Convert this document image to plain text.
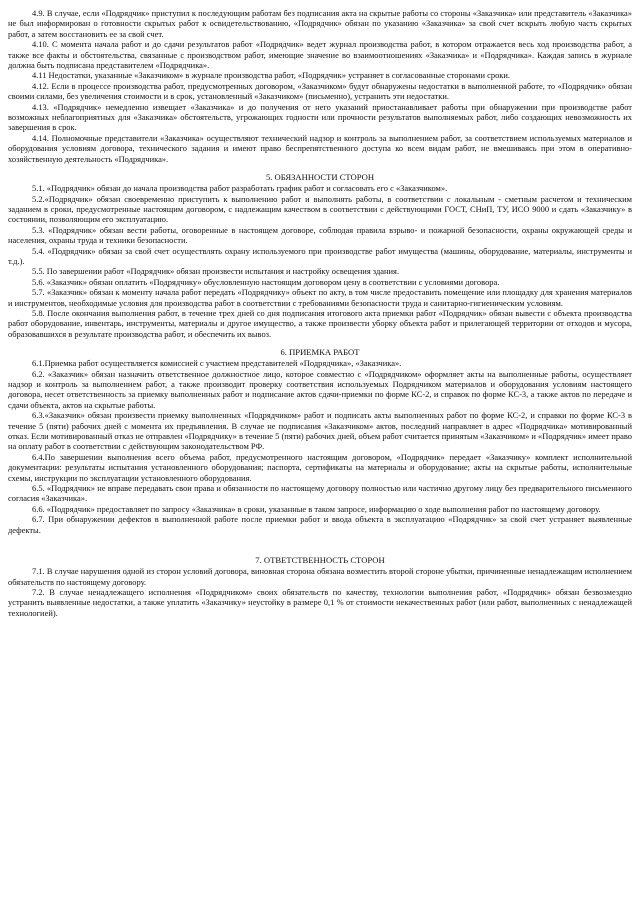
4.9. В случае, если «Подрядчик» приступил к последующим работам без подписания акта на скрытые работы со стороны «Заказчика» или представитель «Заказчика» не был информирован о готовности скрытых работ к освидетельствованию, «Подрядчик» обязан по указанию «Заказчика» за свой счет вскрыть любую часть скрытых работ, а затем восстановить ее за свой счет.

4.10. С момента начала работ и до сдачи результатов работ «Подрядчик» ведет журнал производства работ, в котором отражается весь ход производства работ, а также все факты и обстоятельства, связанные с производством работ, имеющие значение во взаимоотношениях «Заказчика» и «Подрядчика». Каждая запись в журнале должна быть подписана представителем «Подрядчика».

4.11 Недостатки, указанные «Заказчиком» в журнале производства работ, «Подрядчик» устраняет в согласованные сторонами сроки.

4.12. Если в процессе производства работ, предусмотренных договором, «Заказчиком» будут обнаружены недостатки в выполненной работе, то «Подрядчик» обязан своими силами, без увеличения стоимости и в срок, установленный «Заказчиком» (письменно), устранить эти недостатки.

4.13. «Подрядчик» немедленно извещает «Заказчика» и до получения от него указаний приостанавливает работы при обнаружении при производстве работ возможных неблагоприятных для «Заказчика» обстоятельств, угрожающих годности или прочности результатов выполняемых работ, либо создающих невозможность их завершения в срок.

4.14. Полномочные представители «Заказчика» осуществляют технический надзор и контроль за выполнением работ, за соответствием используемых материалов и оборудования условиям договора, технического задания и имеют право беспрепятственного доступа ко всем видам работ, не вмешиваясь при этом в оперативно-хозяйственную деятельность «Подрядчика».

5. ОБЯЗАННОСТИ СТОРОН

5.1. «Подрядчик» обязан до начала производства работ разработать график работ и согласовать его с «Заказчиком».

5.2.«Подрядчик» обязан своевременно приступить к выполнению работ и выполнять работы, в соответствии с локальным - сметным расчетом и техническим заданием в сроки, предусмотренные настоящим договором, с надлежащим качеством в соответствии с действующими ГОСТ, СНиП, ТУ, ИСО 9000 и сдать «Заказчику» в состоянии, позволяющим его эксплуатацию.

5.3. «Подрядчик» обязан вести работы, оговоренные в настоящем договоре, соблюдая правила взрыво- и пожарной безопасности, охраны окружающей среды и населения, охраны труда и техники безопасности.

5.4. «Подрядчик» обязан за свой счет осуществлять охрану используемого при производстве работ имущества (машины, оборудование, материалы, инструменты и т.д.).

5.5. По завершении работ «Подрядчик» обязан произвести испытания и настройку освещения здания.

5.6. «Заказчик» обязан оплатить «Подрядчику» обусловленную настоящим договором цену в соответствии с условиями договора.

5.7. «Заказчик» обязан к моменту начала работ передать «Подрядчику» объект по акту, в том числе предоставить помещение или площадку для хранения материалов и инструментов, необходимые условия для производства работ в соответствии с требованиями безопасности труда и санитарно-гигиеническим условиям.

5.8. После окончания выполнения работ, в течение трех дней со дня подписания итогового акта приемки работ «Подрядчик» обязан вывести с объекта производства работ оборудование, инвентарь, инструменты, материалы и другое имущество, а также произвести уборку объекта работ и прилегающей территории от отходов и мусора, образовавшихся в результате производства работ, и обеспечить их вывоз.

6. ПРИЕМКА РАБОТ

6.1.Приемка работ осуществляется комиссией с участием представителей «Подрядчика», «Заказчика».

6.2. «Заказчик» обязан назначить ответственное должностное лицо, которое совместно с «Подрядчиком» оформляет акты на выполненные работы, осуществляет надзор и контроль за выполнением работ, а также производит проверку соответствия используемых Подрядчиком материалов и оборудования условиям настоящего договора, несет ответственность за приемку выполненных работ и подписание актов сдачи-приемки по форме КС-2, и справок по форме КС-3, а также актов по передаче и сдачи объекта, актов на скрытые работы.

6.3.«Заказчик» обязан произвести приемку выполненных «Подрядчиком» работ и подписать акты выполненных работ по форме КС-2, и справки по форме КС-3 в течение 5 (пяти) рабочих дней с момента их предъявления. В случае не подписания «Заказчиком» актов, последний направляет в адрес «Подрядчика» мотивированный отказ. Если мотивированный отказ не отправлен «Подрядчику» в течение 5 (пяти) рабочих дней, объем работ считается принятым «Заказчиком» и «Подрядчик» имеет право на оплату работ в соответствии с действующим законодательством РФ.

6.4.По завершении выполнения всего объема работ, предусмотренного настоящим договором, «Подрядчик» передает «Заказчику» комплект исполнительной документации: результаты испытания установленного оборудования; паспорта, сертификаты на материалы и оборудование; акты на скрытые работы, исполнительные схемы, инструкции по эксплуатации установленного оборудования.

6.5. «Подрядчик» не вправе передавать свои права и обязанности по настоящему договору полностью или частично другому лицу без предварительного письменного согласия «Заказчика».

6.6. «Подрядчик» предоставляет по запросу «Заказчика» в сроки, указанные в таком запросе, информацию о ходе выполнения работ по настоящему договору.

6.7. При обнаружении дефектов в выполненной работе после приемки работ и ввода объекта в эксплуатацию «Подрядчик» за свой счет устраняет выявленные дефекты.

7. ОТВЕТСТВЕННОСТЬ СТОРОН

7.1. В случае нарушения одной из сторон условий договора, виновная сторона обязана возместить второй стороне убытки, причиненные ненадлежащим исполнением обязательств по настоящему договору.

7.2. В случае ненадлежащего исполнения «Подрядчиком» своих обязательств по качеству, технологии выполнения работ, «Подрядчик» обязан безвозмездно устранить выявленные недостатки, а также уплатить «Заказчику» неустойку в размере 0,1 % от стоимости некачественных работ (или работ, выполненных с ненадлежащей технологией).
